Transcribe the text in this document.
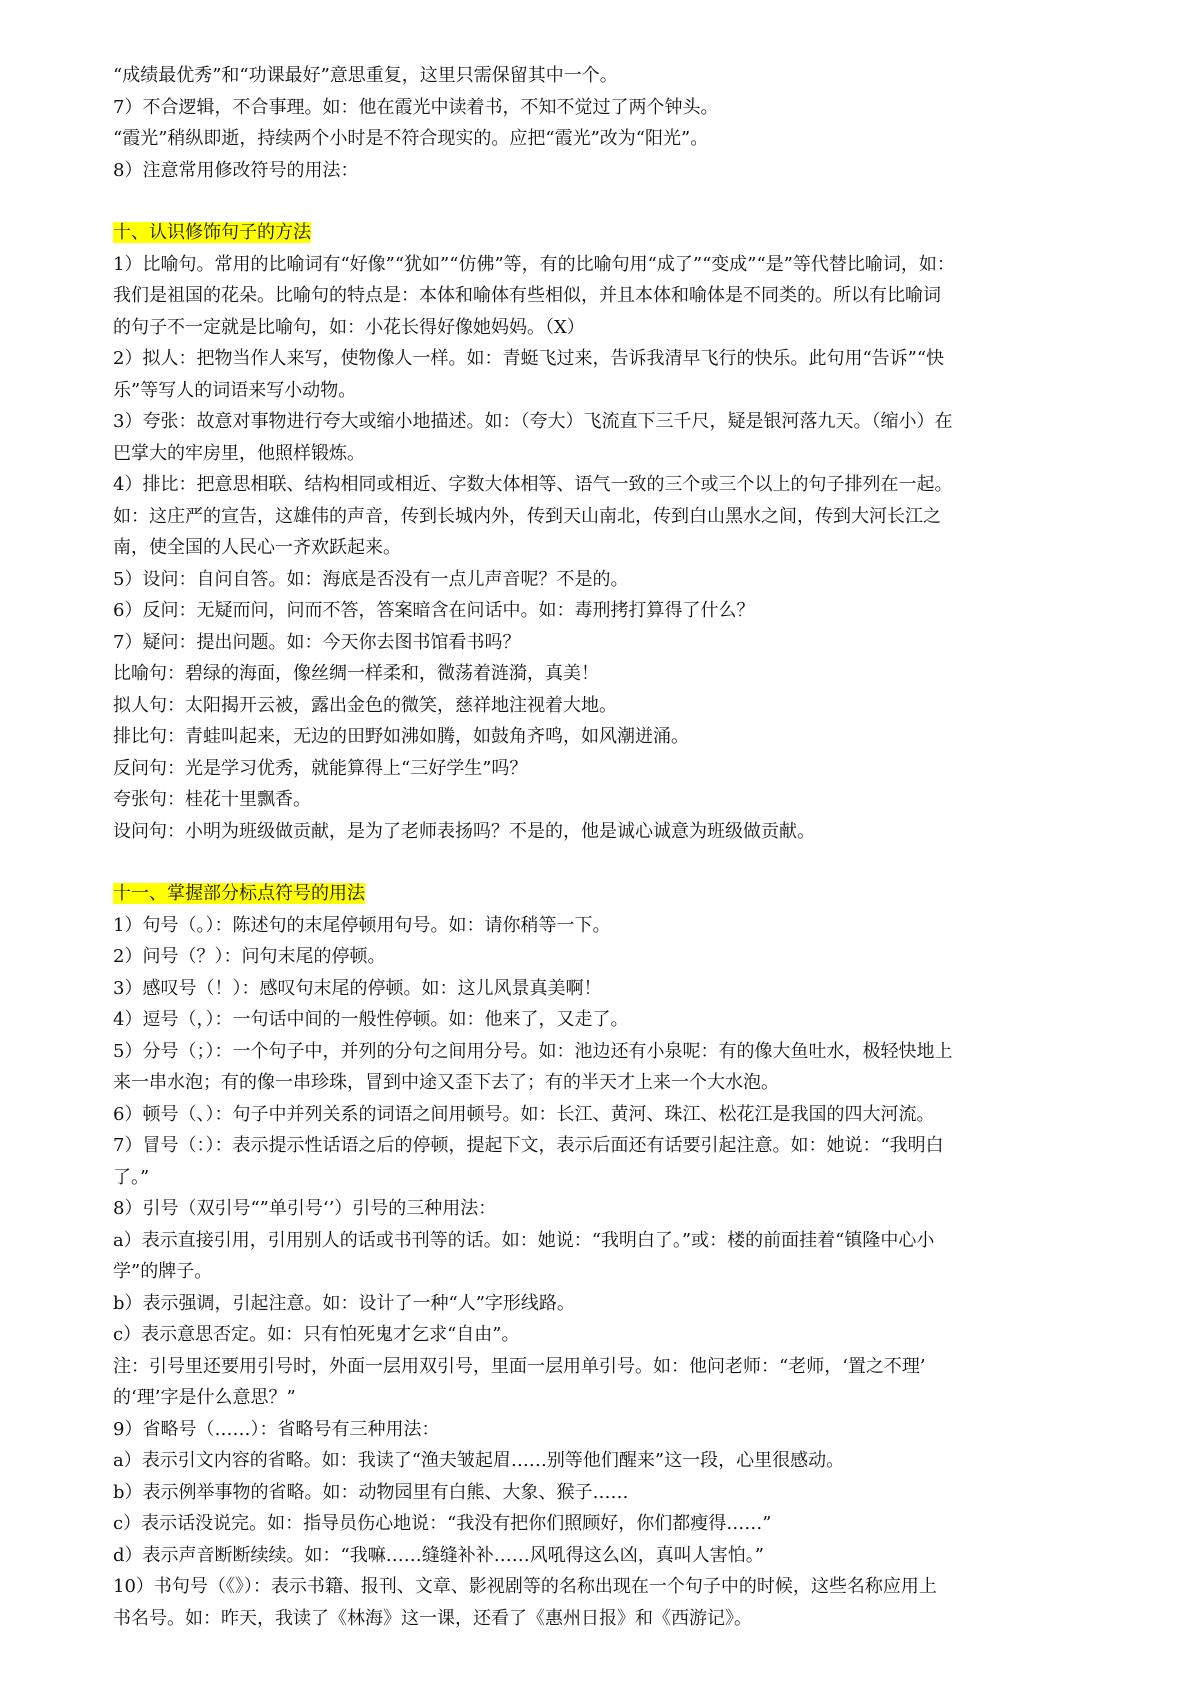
“成绩最优秀”和“功课最好”意思重复，这里只需保留其中一个。

7）不合逻辑，不合事理。如：他在霞光中读着书，不知不觉过了两个钟头。

“霞光”稍纵即逝，持续两个小时是不符合现实的。应把“霞光”改为“阳光”。

8）注意常用修改符号的用法：

十、认识修饰句子的方法

1）比喻句。常用的比喻词有“好像”“犹如”“仿佛”等，有的比喻句用“成了”“变成”“是”等代替比喻词，如：

我们是祖国的花朵。比喻句的特点是：本体和喻体有些相似，并且本体和喻体是不同类的。所以有比喻词

的句子不一定就是比喻句，如：小花长得好像她妈妈。（X）

2）拟人：把物当作人来写，使物像人一样。如：青蜓飞过来，告诉我清早飞行的快乐。此句用“告诉”“快

乐”等写人的词语来写小动物。

3）夸张：故意对事物进行夸大或缩小地描述。如：（夸大）飞流直下三千尺，疑是银河落九天。（缩小）在

巴掌大的牢房里，他照样锻炼。

4）排比：把意思相联、结构相同或相近、字数大体相等、语气一致的三个或三个以上的句子排列在一起。

如：这庄严的宣告，这雄伟的声音，传到长城内外，传到天山南北，传到白山黑水之间，传到大河长江之

南，使全国的人民心一齐欢跃起来。

5）设问：自问自答。如：海底是否没有一点儿声音呢？不是的。

6）反问：无疑而问，问而不答，答案暗含在问话中。如：毒刑拷打算得了什么？

7）疑问：提出问题。如：今天你去图书馆看书吗？

比喻句：碧绿的海面，像丝绸一样柔和，微荡着涟漪，真美！

拟人句：太阳揭开云被，露出金色的微笑，慈祥地注视着大地。

排比句：青蛙叫起来，无边的田野如沸如腾，如鼓角齐鸣，如风潮迸涌。

反问句：光是学习优秀，就能算得上“三好学生”吗？

夸张句：桂花十里飘香。

设问句：小明为班级做贡献，是为了老师表扬吗？不是的，他是诚心诚意为班级做贡献。

十一、掌握部分标点符号的用法

1）句号（。）：陈述句的末尾停顿用句号。如：请你稍等一下。

2）问号（？）：问句末尾的停顿。

3）感叹号（！）：感叹句末尾的停顿。如：这儿风景真美啊！

4）逗号（，）：一句话中间的一般性停顿。如：他来了，又走了。

5）分号（；）：一个句子中，并列的分句之间用分号。如：池边还有小泉呢：有的像大鱼吐水，极轻快地上

来一串水泡；有的像一串珍珠，冒到中途又歪下去了；有的半天才上来一个大水泡。

6）顿号（、）：句子中并列关系的词语之间用顿号。如：长江、黄河、珠江、松花江是我国的四大河流。

7）冒号（：）：表示提示性话语之后的停顿，提起下文，表示后面还有话要引起注意。如：她说：“我明白

了。”

8）引号（双引号“”单引号‘’）引号的三种用法：

a）表示直接引用，引用别人的话或书刊等的话。如：她说：“我明白了。”或：楼的前面挂着“镇隆中心小

学”的牌子。

b）表示强调，引起注意。如：设计了一种“人”字形线路。

c）表示意思否定。如：只有怕死鬼才乞求“自由”。

注：引号里还要用引号时，外面一层用双引号，里面一层用单引号。如：他问老师：“老师，‘置之不理’

的‘理’字是什么意思？”

9）省略号（……）：省略号有三种用法：

a）表示引文内容的省略。如：我读了“渔夫皱起眉……别等他们醒来”这一段，心里很感动。

b）表示例举事物的省略。如：动物园里有白熊、大象、猴子……

c）表示话没说完。如：指导员伤心地说：“我没有把你们照顾好，你们都瘦得……”

d）表示声音断断续续。如：“我嘛……缝缝补补……风吼得这么凶，真叫人害怕。”

10）书句号（《》）：表示书籍、报刊、文章、影视剧等的名称出现在一个句子中的时候，这些名称应用上

书名号。如：昨天，我读了《林海》这一课，还看了《惠州日报》和《西游记》。
